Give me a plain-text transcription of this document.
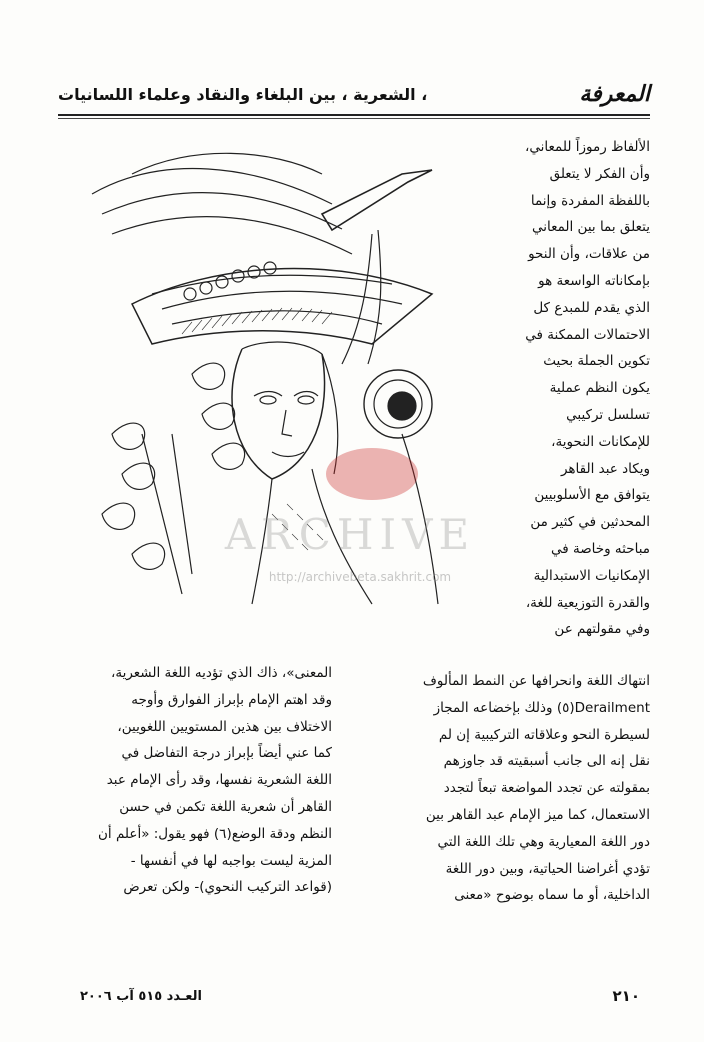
المعرفة
، الشعرية ، بين البلغاء والنقاد وعلماء اللسانيات

الألفاظ رموزاً للمعاني،

وأن الفكر لا يتعلق

باللفظة المفردة وإنما

يتعلق بما بين المعاني

من علاقات، وأن النحو

بإمكاناته الواسعة هو

الذي يقدم للمبدع كل

الاحتمالات الممكنة في

تكوين الجملة بحيث

يكون النظم عملية

تسلسل تركيبي

للإمكانات النحوية،

ويكاد عبد القاهر

يتوافق مع الأسلوبيين

المحدثين في كثير من

مباحثه وخاصة في

الإمكانيات الاستبدالية

والقدرة التوزيعية للغة،

وفي مقولتهم عن

ARCHIVE
http://archivebeta.sakhrit.com

انتهاك اللغة وانحرافها عن النمط المألوف

Derailment(٥) وذلك بإخضاعه المجاز

لسيطرة النحو وعلاقاته التركيبية إن لم

نقل إنه الى جانب أسبقيته قد جاوزهم

بمقولته عن تجدد المواضعة تبعاً لتجدد

الاستعمال، كما ميز الإمام عبد القاهر بين

دور اللغة المعيارية وهي تلك اللغة التي

تؤدي أغراضنا الحياتية، وبين دور اللغة

الداخلية، أو ما سماه بوضوح «معنى

المعنى»، ذاك الذي تؤديه اللغة الشعرية،

وقد اهتم الإمام بإبراز الفوارق وأوجه

الاختلاف بين هذين المستويين اللغويين،

كما عني أيضاً بإبراز درجة التفاضل في

اللغة الشعرية نفسها، وقد رأى الإمام عبد

القاهر أن شعرية اللغة تكمن في حسن

النظم ودقة الوضع(٦) فهو يقول: «أعلم أن

المزية ليست بواجبه لها في أنفسها -

(قواعد التركيب النحوي)- ولكن تعرض

٢١٠
العـدد ٥١٥ آب ٢٠٠٦
